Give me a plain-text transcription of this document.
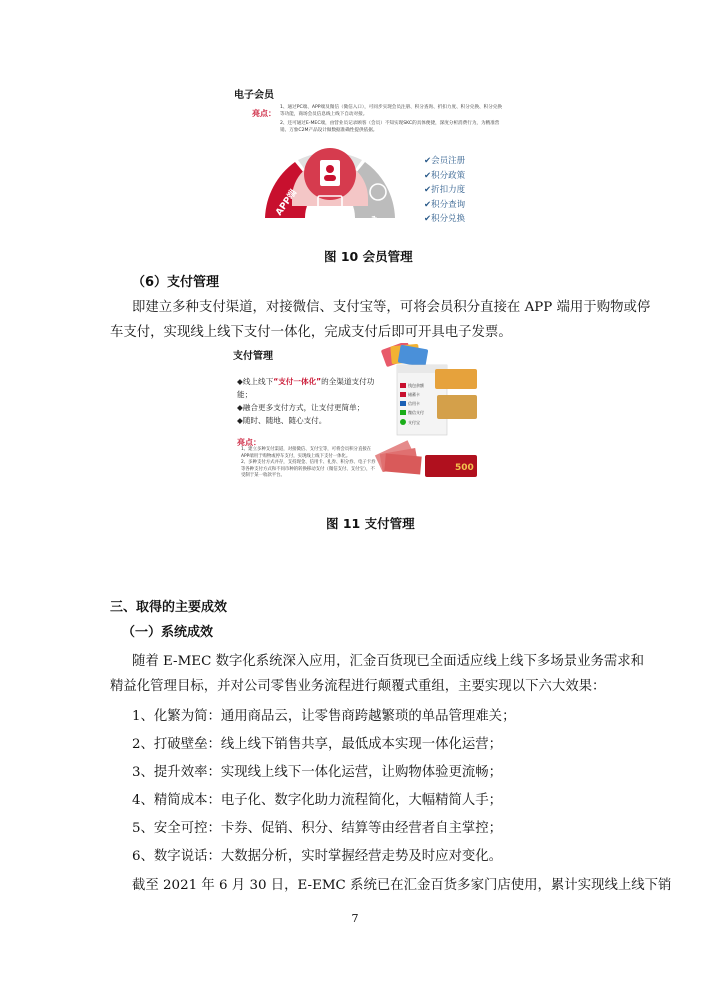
电子会员
亮点：
1、通过PC端、APP端及微信（微信入口），可同步实现会员注册、积分查询、折扣力度、积分兑换、积分兑换等功能，商场会员信息线上线下自动对接。
2、还可通过E-MEC端，由营业员记录顾客（会员）不知实现SKC的具体便捷，深度分析消费行为，为精准营销、万象C2M产品设计做数据准确性提供依据。
APP端
PC端	微信
✔会员注册
✔积分政策
✔折扣力度
✔积分查询
✔积分兑换
图 10 会员管理
（6）支付管理
即建立多种支付渠道，对接微信、支付宝等，可将会员积分直接在 APP 端用于购物或停
车支付，实现线上线下支付一体化，完成支付后即可开具电子发票。
支付管理
◆线上线下“支付一体化”的全渠道支付功能；
◆融合更多支付方式，让支付更简单；
◆随时、随地、随心支付。
亮点：
1、建立多种支付渠道，对接微信、支付宝等，可将会员积分直接在APP端用于购物或停车支付，实现线上线下支付一体化。
2、多种支付方式并存，支持现金、信用卡、礼券、积分券、电子卡券等各种支付方式和不同币种的转换移动支付（微信支付、支付宝），不受制于某一收款平台。
钱包余额
储蓄卡
信用卡
微信支付
支付宝
500
图 11 支付管理
三、取得的主要成效
（一）系统成效
随着 E-MEC 数字化系统深入应用，汇金百货现已全面适应线上线下多场景业务需求和
精益化管理目标，并对公司零售业务流程进行颠覆式重组，主要实现以下六大效果：
1、化繁为简：通用商品云，让零售商跨越繁琐的单品管理难关；
2、打破壁垒：线上线下销售共享，最低成本实现一体化运营；
3、提升效率：实现线上线下一体化运营，让购物体验更流畅；
4、精简成本：电子化、数字化助力流程简化，大幅精简人手；
5、安全可控：卡券、促销、积分、结算等由经营者自主掌控；
6、数字说话：大数据分析，实时掌握经营走势及时应对变化。
截至 2021 年 6 月 30 日，E-EMC 系统已在汇金百货多家门店使用，累计实现线上线下销
7
